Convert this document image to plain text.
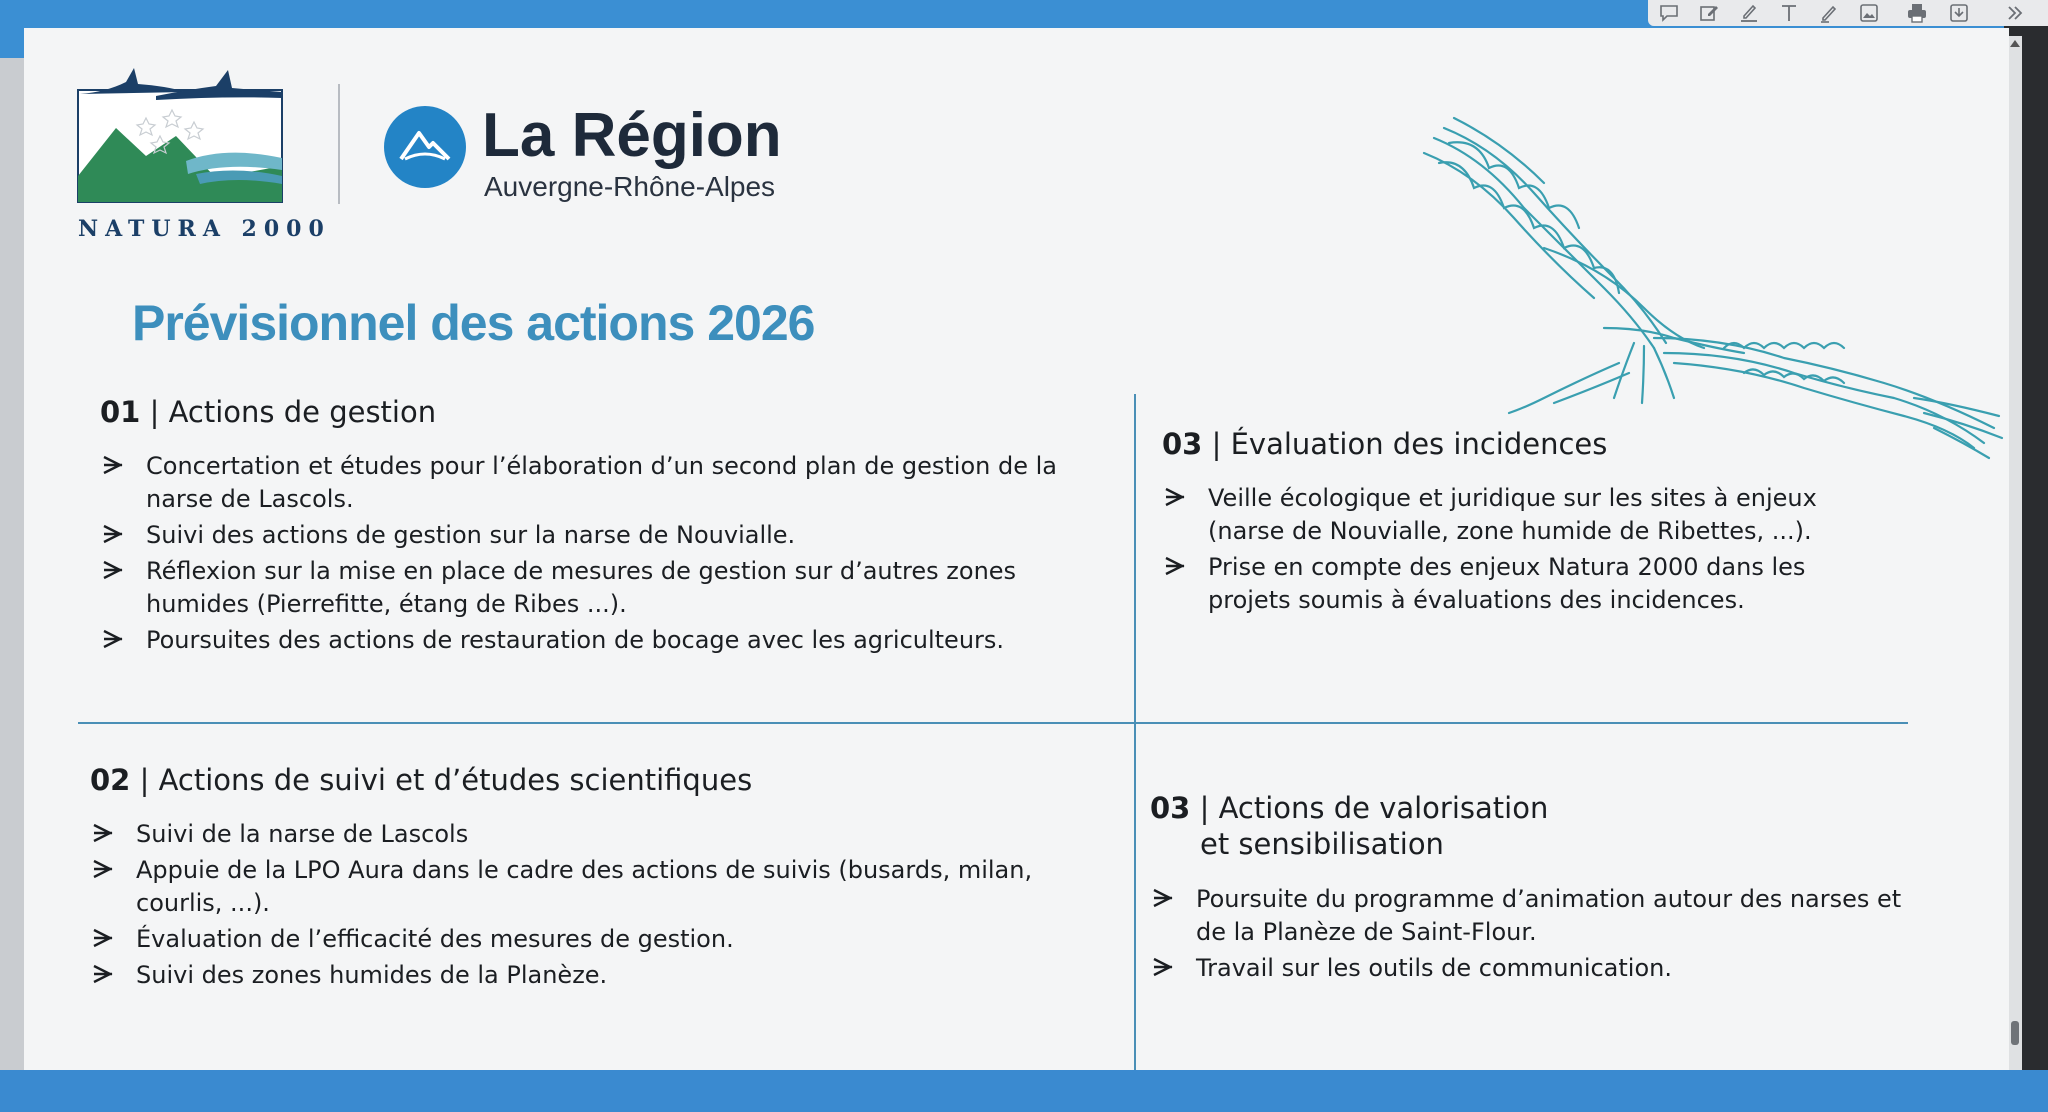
NATURA 2000
La Région
Auvergne-Rhône-Alpes
Prévisionnel des actions 2026
01 | Actions de gestion
Concertation et études pour l’élaboration d’un second plan de gestion de la narse de Lascols.
Suivi des actions de gestion sur la narse de Nouvialle.
Réflexion sur la mise en place de mesures de gestion sur d’autres zones humides (Pierrefitte, étang de Ribes ...).
Poursuites des actions de restauration de bocage avec les agriculteurs.
02 | Actions de suivi et d’études scientifiques
Suivi de la narse de Lascols
Appuie de la LPO Aura dans le cadre des actions de suivis (busards, milan, courlis, ...).
Évaluation de l’efficacité des mesures de gestion.
Suivi des zones humides de la Planèze.
03 | Évaluation des incidences
Veille écologique et juridique sur les sites à enjeux (narse de Nouvialle, zone humide de Ribettes, ...).
Prise en compte des enjeux Natura 2000 dans les projets soumis à évaluations des incidences.
03 | Actions de valorisation
et sensibilisation
Poursuite du programme d’animation autour des narses et de la Planèze de Saint-Flour.
Travail sur les outils de communication.
